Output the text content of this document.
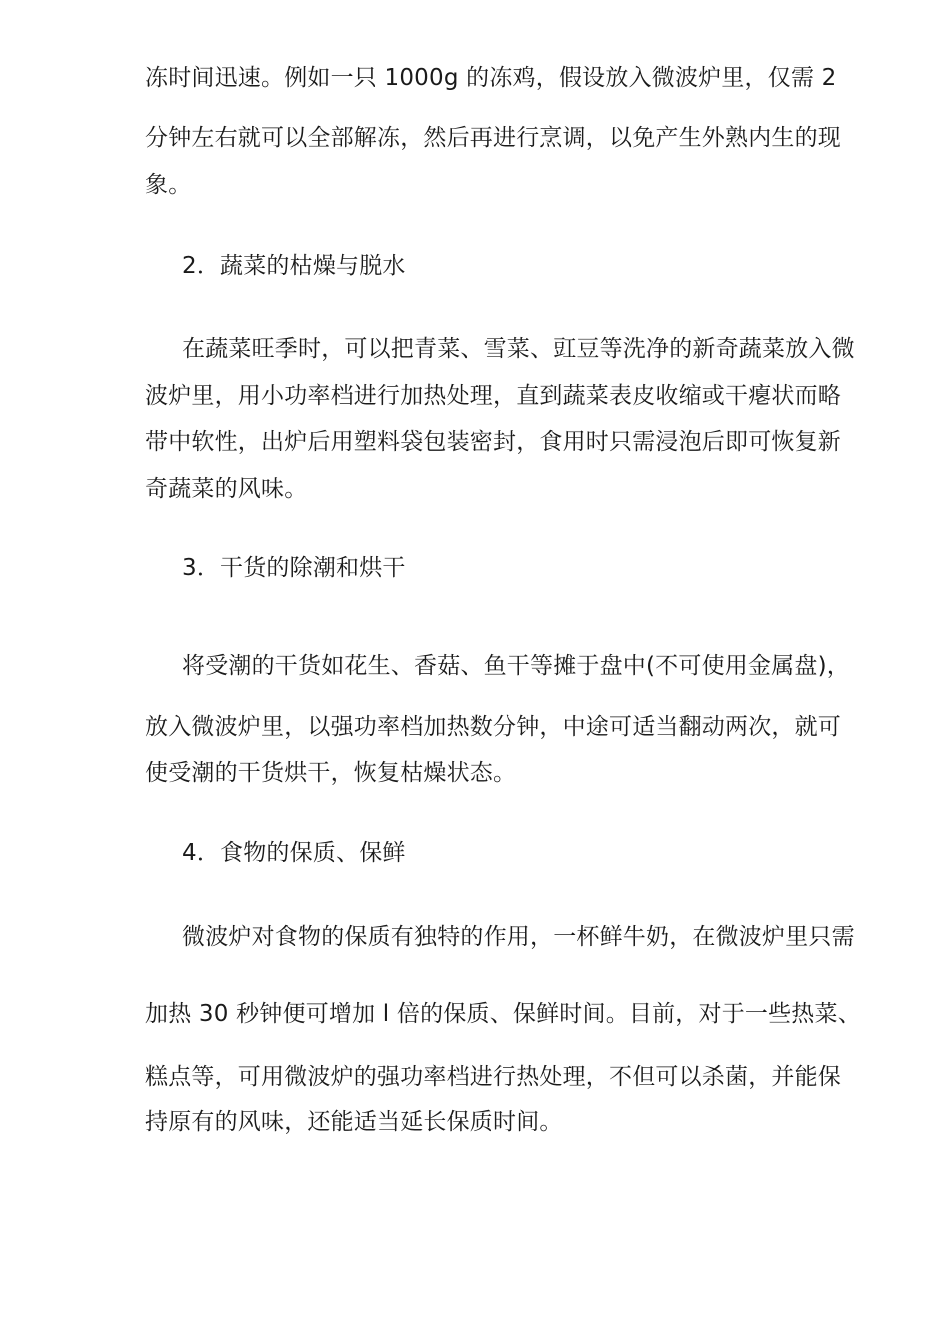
冻时间迅速。例如一只 1000g 的冻鸡，假设放入微波炉里，仅需 2
分钟左右就可以全部解冻，然后再进行烹调，以免产生外熟内生的现
象。
2．蔬菜的枯燥与脱水
在蔬菜旺季时，可以把青菜、雪菜、豇豆等洗净的新奇蔬菜放入微
波炉里，用小功率档进行加热处理，直到蔬菜表皮收缩或干瘪状而略
带中软性，出炉后用塑料袋包装密封，食用时只需浸泡后即可恢复新
奇蔬菜的风味。
3．干货的除潮和烘干
将受潮的干货如花生、香菇、鱼干等摊于盘中(不可使用金属盘)，
放入微波炉里，以强功率档加热数分钟，中途可适当翻动两次，就可
使受潮的干货烘干，恢复枯燥状态。
4．食物的保质、保鲜
微波炉对食物的保质有独特的作用，一杯鲜牛奶，在微波炉里只需
加热 30 秒钟便可增加 l 倍的保质、保鲜时间。目前，对于一些热菜、
糕点等，可用微波炉的强功率档进行热处理，不但可以杀菌，并能保
持原有的风味，还能适当延长保质时间。
